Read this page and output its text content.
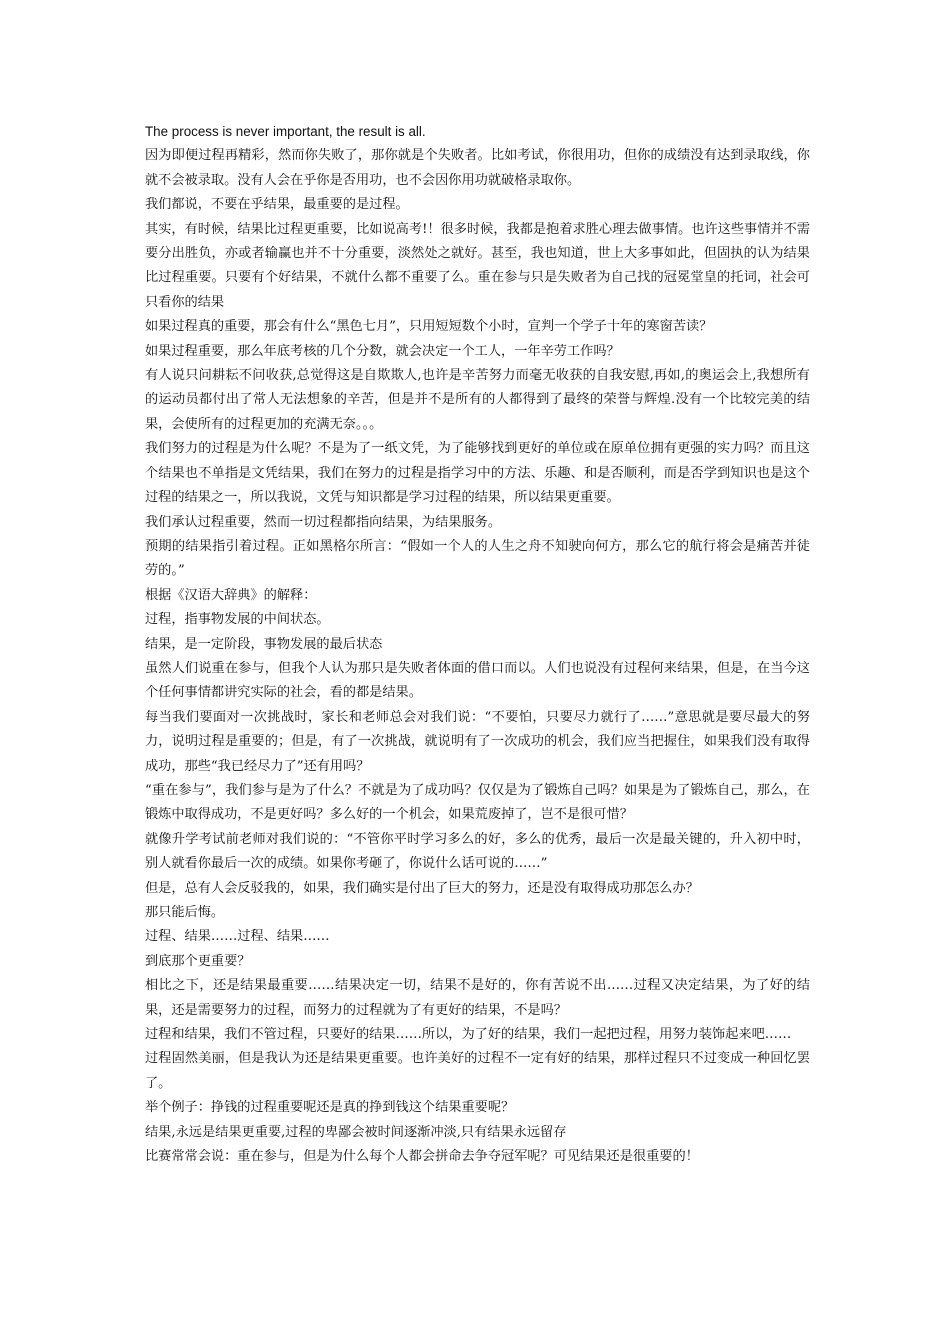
The process is never important, the result is all.

因为即便过程再精彩，然而你失败了，那你就是个失败者。比如考试，你很用功，但你的成绩没有达到录取线，你就不会被录取。没有人会在乎你是否用功，也不会因你用功就破格录取你。

我们都说，不要在乎结果，最重要的是过程。

其实，有时候，结果比过程更重要，比如说高考!！很多时候，我都是抱着求胜心理去做事情。也许这些事情并不需要分出胜负，亦或者输赢也并不十分重要，淡然处之就好。甚至，我也知道，世上大多事如此，但固执的认为结果比过程重要。只要有个好结果，不就什么都不重要了么。重在参与只是失败者为自己找的冠冕堂皇的托词，社会可只看你的结果

如果过程真的重要，那会有什么“黑色七月”，只用短短数个小时，宣判一个学子十年的寒窗苦读？

如果过程重要，那么年底考核的几个分数，就会决定一个工人，一年辛劳工作吗？

有人说只问耕耘不问收获,总觉得这是自欺欺人,也许是辛苦努力而毫无收获的自我安慰,再如,的奥运会上,我想所有的运动员都付出了常人无法想象的辛苦，但是并不是所有的人都得到了最终的荣誉与辉煌.没有一个比较完美的结果，会使所有的过程更加的充满无奈。。。

我们努力的过程是为什么呢？不是为了一纸文凭，为了能够找到更好的单位或在原单位拥有更强的实力吗？而且这个结果也不单指是文凭结果，我们在努力的过程是指学习中的方法、乐趣、和是否顺利，而是否学到知识也是这个过程的结果之一，所以我说，文凭与知识都是学习过程的结果，所以结果更重要。

我们承认过程重要，然而一切过程都指向结果，为结果服务。

预期的结果指引着过程。正如黑格尔所言：“假如一个人的人生之舟不知驶向何方，那么它的航行将会是痛苦并徒劳的。”

根据《汉语大辞典》的解释：

过程，指事物发展的中间状态。

结果，是一定阶段，事物发展的最后状态

虽然人们说重在参与，但我个人认为那只是失败者体面的借口而以。人们也说没有过程何来结果，但是，在当今这个任何事情都讲究实际的社会，看的都是结果。

每当我们要面对一次挑战时，家长和老师总会对我们说：“不要怕，只要尽力就行了……”意思就是要尽最大的努力，说明过程是重要的；但是，有了一次挑战，就说明有了一次成功的机会，我们应当把握住，如果我们没有取得成功，那些“我已经尽力了”还有用吗？

“重在参与”，我们参与是为了什么？不就是为了成功吗？仅仅是为了锻炼自己吗？如果是为了锻炼自己，那么，在锻炼中取得成功，不是更好吗？多么好的一个机会，如果荒废掉了，岂不是很可惜？

就像升学考试前老师对我们说的：“不管你平时学习多么的好，多么的优秀，最后一次是最关键的，升入初中时，别人就看你最后一次的成绩。如果你考砸了，你说什么话可说的……”

但是，总有人会反驳我的，如果，我们确实是付出了巨大的努力，还是没有取得成功那怎么办？

那只能后悔。

过程、结果……过程、结果……

到底那个更重要？

相比之下，还是结果最重要……结果决定一切，结果不是好的，你有苦说不出……过程又决定结果，为了好的结果，还是需要努力的过程，而努力的过程就为了有更好的结果，不是吗？

过程和结果，我们不管过程，只要好的结果……所以，为了好的结果，我们一起把过程，用努力装饰起来吧……

过程固然美丽，但是我认为还是结果更重要。也许美好的过程不一定有好的结果，那样过程只不过变成一种回忆罢了。

举个例子：挣钱的过程重要呢还是真的挣到钱这个结果重要呢？

结果,永远是结果更重要,过程的卑鄙会被时间逐渐冲淡,只有结果永远留存

比赛常常会说：重在参与，但是为什么每个人都会拼命去争夺冠军呢？可见结果还是很重要的！
